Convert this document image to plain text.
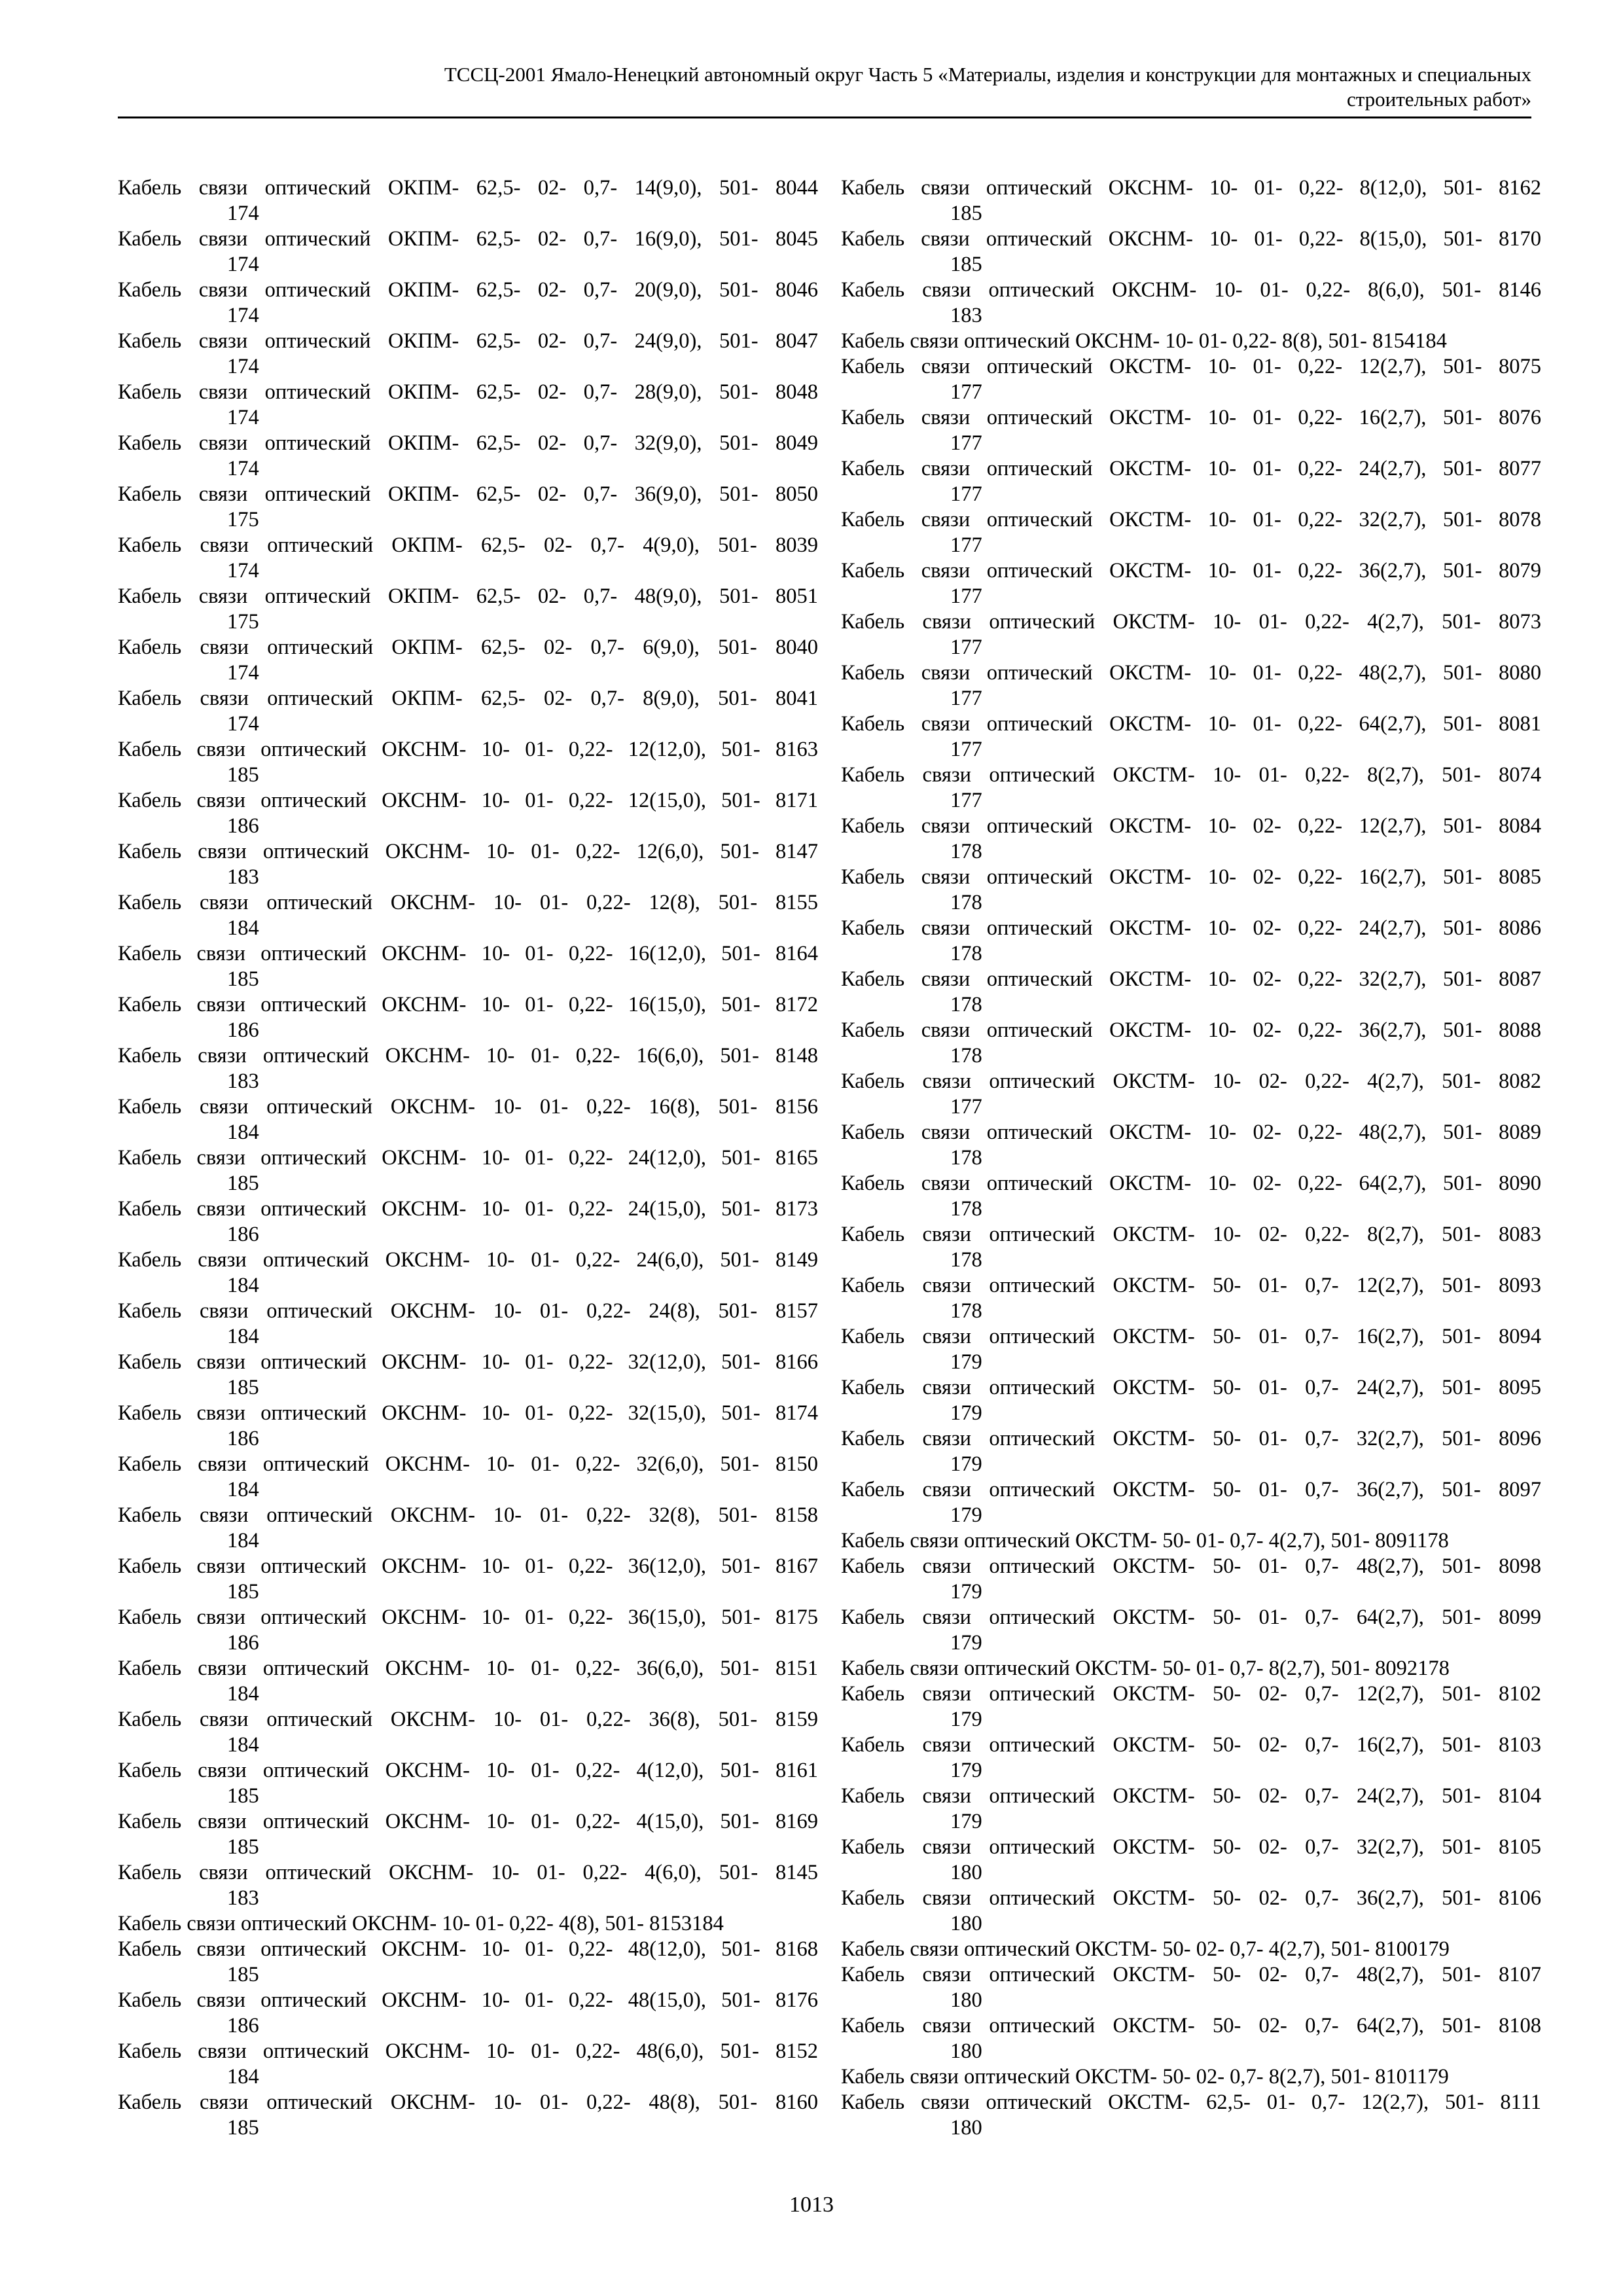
ТССЦ-2001 Ямало-Ненецкий автономный округ Часть 5 «Материалы, изделия и конструкции для монтажных и специальных
строительных работ»
Кабель связи оптический ОКПМ- 62,5- 02- 0,7- 14(9,0), 501- 8044
174
Кабель связи оптический ОКПМ- 62,5- 02- 0,7- 16(9,0), 501- 8045
174
Кабель связи оптический ОКПМ- 62,5- 02- 0,7- 20(9,0), 501- 8046
174
Кабель связи оптический ОКПМ- 62,5- 02- 0,7- 24(9,0), 501- 8047
174
Кабель связи оптический ОКПМ- 62,5- 02- 0,7- 28(9,0), 501- 8048
174
Кабель связи оптический ОКПМ- 62,5- 02- 0,7- 32(9,0), 501- 8049
174
Кабель связи оптический ОКПМ- 62,5- 02- 0,7- 36(9,0), 501- 8050
175
Кабель связи оптический ОКПМ- 62,5- 02- 0,7- 4(9,0), 501- 8039
174
Кабель связи оптический ОКПМ- 62,5- 02- 0,7- 48(9,0), 501- 8051
175
Кабель связи оптический ОКПМ- 62,5- 02- 0,7- 6(9,0), 501- 8040
174
Кабель связи оптический ОКПМ- 62,5- 02- 0,7- 8(9,0), 501- 8041
174
Кабель связи оптический ОКСНМ- 10- 01- 0,22- 12(12,0), 501- 8163
185
Кабель связи оптический ОКСНМ- 10- 01- 0,22- 12(15,0), 501- 8171
186
Кабель связи оптический ОКСНМ- 10- 01- 0,22- 12(6,0), 501- 8147
183
Кабель связи оптический ОКСНМ- 10- 01- 0,22- 12(8), 501- 8155
184
Кабель связи оптический ОКСНМ- 10- 01- 0,22- 16(12,0), 501- 8164
185
Кабель связи оптический ОКСНМ- 10- 01- 0,22- 16(15,0), 501- 8172
186
Кабель связи оптический ОКСНМ- 10- 01- 0,22- 16(6,0), 501- 8148
183
Кабель связи оптический ОКСНМ- 10- 01- 0,22- 16(8), 501- 8156
184
Кабель связи оптический ОКСНМ- 10- 01- 0,22- 24(12,0), 501- 8165
185
Кабель связи оптический ОКСНМ- 10- 01- 0,22- 24(15,0), 501- 8173
186
Кабель связи оптический ОКСНМ- 10- 01- 0,22- 24(6,0), 501- 8149
184
Кабель связи оптический ОКСНМ- 10- 01- 0,22- 24(8), 501- 8157
184
Кабель связи оптический ОКСНМ- 10- 01- 0,22- 32(12,0), 501- 8166
185
Кабель связи оптический ОКСНМ- 10- 01- 0,22- 32(15,0), 501- 8174
186
Кабель связи оптический ОКСНМ- 10- 01- 0,22- 32(6,0), 501- 8150
184
Кабель связи оптический ОКСНМ- 10- 01- 0,22- 32(8), 501- 8158
184
Кабель связи оптический ОКСНМ- 10- 01- 0,22- 36(12,0), 501- 8167
185
Кабель связи оптический ОКСНМ- 10- 01- 0,22- 36(15,0), 501- 8175
186
Кабель связи оптический ОКСНМ- 10- 01- 0,22- 36(6,0), 501- 8151
184
Кабель связи оптический ОКСНМ- 10- 01- 0,22- 36(8), 501- 8159
184
Кабель связи оптический ОКСНМ- 10- 01- 0,22- 4(12,0), 501- 8161
185
Кабель связи оптический ОКСНМ- 10- 01- 0,22- 4(15,0), 501- 8169
185
Кабель связи оптический ОКСНМ- 10- 01- 0,22- 4(6,0), 501- 8145
183
Кабель связи оптический ОКСНМ- 10- 01- 0,22- 4(8), 501- 8153184
Кабель связи оптический ОКСНМ- 10- 01- 0,22- 48(12,0), 501- 8168
185
Кабель связи оптический ОКСНМ- 10- 01- 0,22- 48(15,0), 501- 8176
186
Кабель связи оптический ОКСНМ- 10- 01- 0,22- 48(6,0), 501- 8152
184
Кабель связи оптический ОКСНМ- 10- 01- 0,22- 48(8), 501- 8160
185
Кабель связи оптический ОКСНМ- 10- 01- 0,22- 8(12,0), 501- 8162
185
Кабель связи оптический ОКСНМ- 10- 01- 0,22- 8(15,0), 501- 8170
185
Кабель связи оптический ОКСНМ- 10- 01- 0,22- 8(6,0), 501- 8146
183
Кабель связи оптический ОКСНМ- 10- 01- 0,22- 8(8), 501- 8154184
Кабель связи оптический ОКСТМ- 10- 01- 0,22- 12(2,7), 501- 8075
177
Кабель связи оптический ОКСТМ- 10- 01- 0,22- 16(2,7), 501- 8076
177
Кабель связи оптический ОКСТМ- 10- 01- 0,22- 24(2,7), 501- 8077
177
Кабель связи оптический ОКСТМ- 10- 01- 0,22- 32(2,7), 501- 8078
177
Кабель связи оптический ОКСТМ- 10- 01- 0,22- 36(2,7), 501- 8079
177
Кабель связи оптический ОКСТМ- 10- 01- 0,22- 4(2,7), 501- 8073
177
Кабель связи оптический ОКСТМ- 10- 01- 0,22- 48(2,7), 501- 8080
177
Кабель связи оптический ОКСТМ- 10- 01- 0,22- 64(2,7), 501- 8081
177
Кабель связи оптический ОКСТМ- 10- 01- 0,22- 8(2,7), 501- 8074
177
Кабель связи оптический ОКСТМ- 10- 02- 0,22- 12(2,7), 501- 8084
178
Кабель связи оптический ОКСТМ- 10- 02- 0,22- 16(2,7), 501- 8085
178
Кабель связи оптический ОКСТМ- 10- 02- 0,22- 24(2,7), 501- 8086
178
Кабель связи оптический ОКСТМ- 10- 02- 0,22- 32(2,7), 501- 8087
178
Кабель связи оптический ОКСТМ- 10- 02- 0,22- 36(2,7), 501- 8088
178
Кабель связи оптический ОКСТМ- 10- 02- 0,22- 4(2,7), 501- 8082
177
Кабель связи оптический ОКСТМ- 10- 02- 0,22- 48(2,7), 501- 8089
178
Кабель связи оптический ОКСТМ- 10- 02- 0,22- 64(2,7), 501- 8090
178
Кабель связи оптический ОКСТМ- 10- 02- 0,22- 8(2,7), 501- 8083
178
Кабель связи оптический ОКСТМ- 50- 01- 0,7- 12(2,7), 501- 8093
178
Кабель связи оптический ОКСТМ- 50- 01- 0,7- 16(2,7), 501- 8094
179
Кабель связи оптический ОКСТМ- 50- 01- 0,7- 24(2,7), 501- 8095
179
Кабель связи оптический ОКСТМ- 50- 01- 0,7- 32(2,7), 501- 8096
179
Кабель связи оптический ОКСТМ- 50- 01- 0,7- 36(2,7), 501- 8097
179
Кабель связи оптический ОКСТМ- 50- 01- 0,7- 4(2,7), 501- 8091178
Кабель связи оптический ОКСТМ- 50- 01- 0,7- 48(2,7), 501- 8098
179
Кабель связи оптический ОКСТМ- 50- 01- 0,7- 64(2,7), 501- 8099
179
Кабель связи оптический ОКСТМ- 50- 01- 0,7- 8(2,7), 501- 8092178
Кабель связи оптический ОКСТМ- 50- 02- 0,7- 12(2,7), 501- 8102
179
Кабель связи оптический ОКСТМ- 50- 02- 0,7- 16(2,7), 501- 8103
179
Кабель связи оптический ОКСТМ- 50- 02- 0,7- 24(2,7), 501- 8104
179
Кабель связи оптический ОКСТМ- 50- 02- 0,7- 32(2,7), 501- 8105
180
Кабель связи оптический ОКСТМ- 50- 02- 0,7- 36(2,7), 501- 8106
180
Кабель связи оптический ОКСТМ- 50- 02- 0,7- 4(2,7), 501- 8100179
Кабель связи оптический ОКСТМ- 50- 02- 0,7- 48(2,7), 501- 8107
180
Кабель связи оптический ОКСТМ- 50- 02- 0,7- 64(2,7), 501- 8108
180
Кабель связи оптический ОКСТМ- 50- 02- 0,7- 8(2,7), 501- 8101179
Кабель связи оптический ОКСТМ- 62,5- 01- 0,7- 12(2,7), 501- 8111
180
1013
